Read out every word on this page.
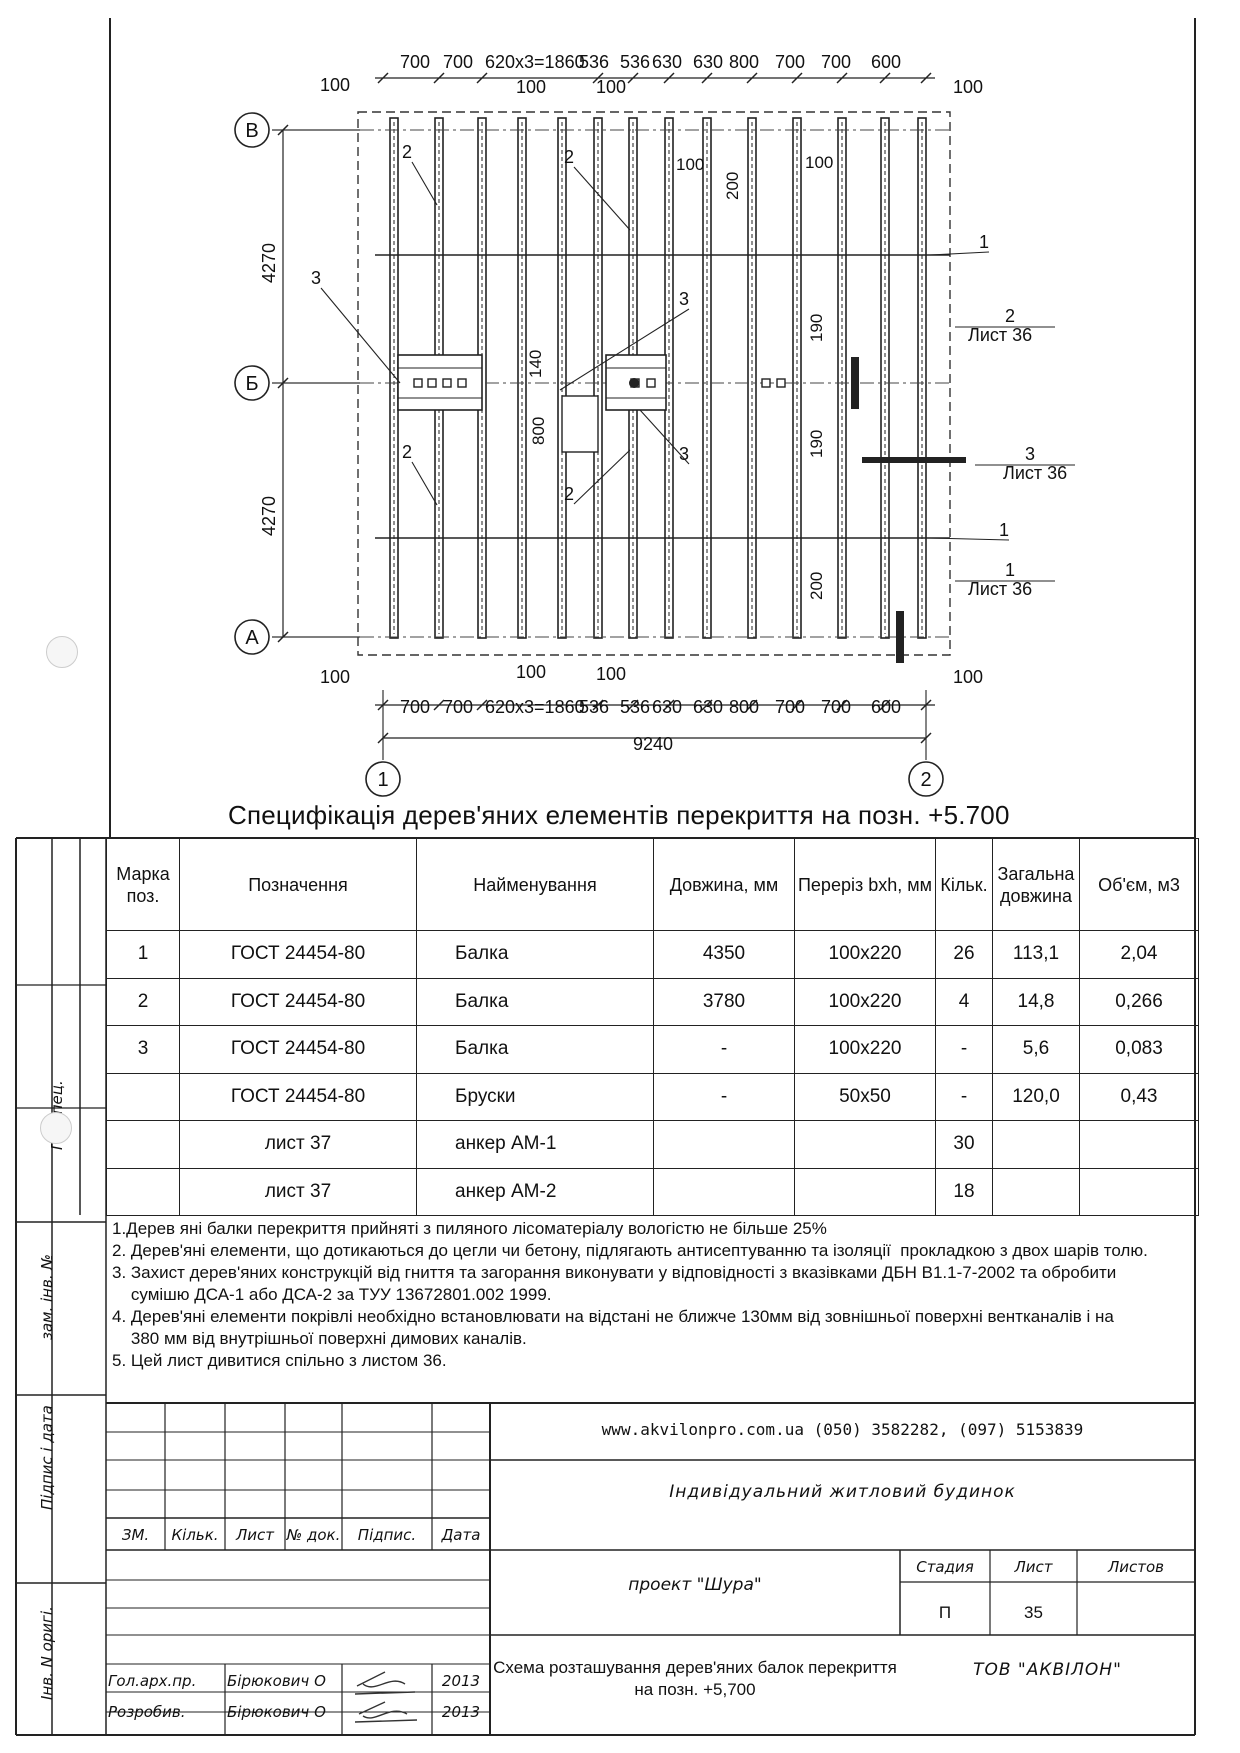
зам. інв. №
Підпис і дата
Інв. N оригі.
В
Б
А
1	2
700 700 620х3=1860
536 536 630 630 800 700 700 600
700 700 620х3=1860
536 536 630 630 800 700 700 600
100	100	100	100
100	100	100	100
9240
4270
4270
100	100
200
140
800
190
190
200
2	2
3
3
3
2
2
1
1
2
Лист 36
3
Лист 36
1
Лист 36
Специфікація дерев'яних елементів перекриття на позн. +5.700
Марка поз.	Позначення	Найменування	Довжина, мм	Переріз bxh, мм	Кільк.	Загальна довжина	Об'єм, м3
1	ГОСТ 24454-80	Балка	4350	100x220	26	113,1	2,04
2	ГОСТ 24454-80	Балка	3780	100x220	4	14,8	0,266
3	ГОСТ 24454-80	Балка	-	100x220	-	5,6	0,083
	ГОСТ 24454-80	Бруски	-	50x50	-	120,0	0,43
	лист 37	анкер АМ-1			30		
	лист 37	анкер АМ-2			18		
1.Дерев яні балки перекриття прийняті з пиляного лісоматеріалу вологістю не більше 25%
2. Дерев'яні елементи, що дотикаються до цегли чи бетону, підлягають антисептуванню та ізоляції  прокладкою з двох шарів толю.
3. Захист дерев'яних конструкцій від гниття та загорання виконувати у відповідності з вказівками ДБН В1.1-7-2002 та обробити
сумішю ДСА-1 або ДСА-2 за ТУУ 13672801.002 1999.
4. Дерев'яні елементи покрівлі необхідно встановлювати на відстані не ближче 130мм від зовнішньої поверхні вентканалів і на
380 мм від внутрішньої поверхні димових каналів.
5. Цей лист дивитися спільно з листом 36.
ЗМ.	Кільк.	Лист № док.	Підпис.	Дата
Гол.арх.пр.	Бірюкович О	2013
Розробив.	Бірюкович О	2013
www.akvilonpro.com.ua (050) 3582282, (097) 5153839
Індивідуальний житловий будинок
проект "Шура"
Схема розташування дерев'яних балок перекриття на позн. +5,700
ТОВ "АКВІЛОН"
Стадия	Лист	Листов
П	35
